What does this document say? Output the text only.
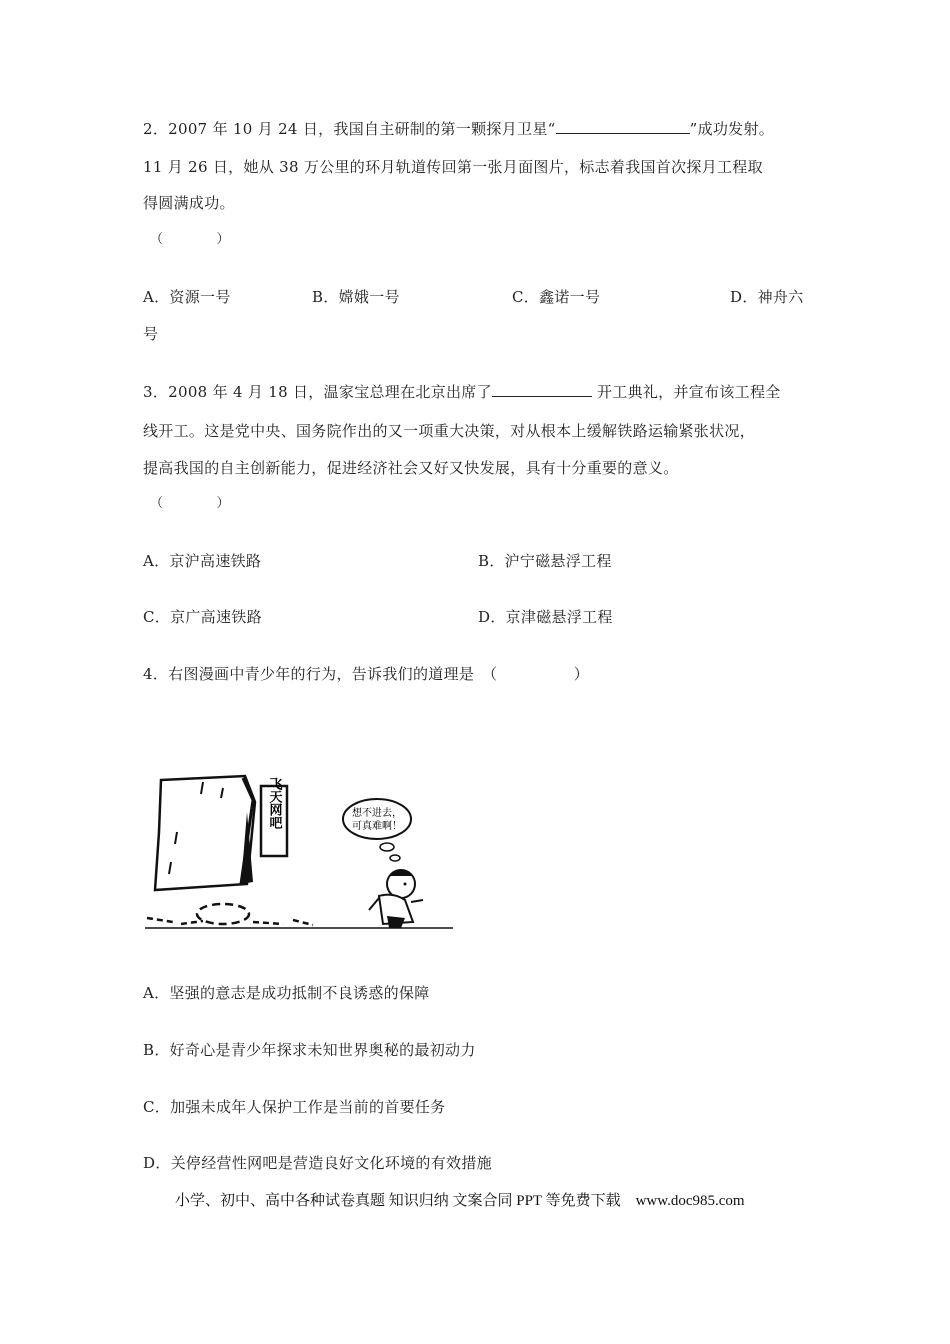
2．2007 年 10 月 24 日，我国自主研制的第一颗探月卫星“	”成功发射。
11 月 26 日，她从 38 万公里的环月轨道传回第一张月面图片，标志着我国首次探月工程取
得圆满成功。
（　　　　）
A．资源一号	B．嫦娥一号	C．鑫诺一号	D．神舟六
号
3．2008 年 4 月 18 日，温家宝总理在北京出席了	开工典礼，并宣布该工程全
线开工。这是党中央、国务院作出的又一项重大决策，对从根本上缓解铁路运输紧张状况，
提高我国的自主创新能力，促进经济社会又好又快发展，具有十分重要的意义。
（　　　　）
A．京沪高速铁路	B．沪宁磁悬浮工程
C．京广高速铁路	D．京津磁悬浮工程
4．右图漫画中青少年的行为，告诉我们的道理是　（　　　　　）
飞天网吧	想不进去，
可真难啊！
A．坚强的意志是成功抵制不良诱惑的保障
B．好奇心是青少年探求未知世界奥秘的最初动力
C．加强未成年人保护工作是当前的首要任务
D．关停经营性网吧是营造良好文化环境的有效措施
小学、初中、高中各种试卷真题 知识归纳 文案合同 PPT 等免费下载　www.doc985.com
